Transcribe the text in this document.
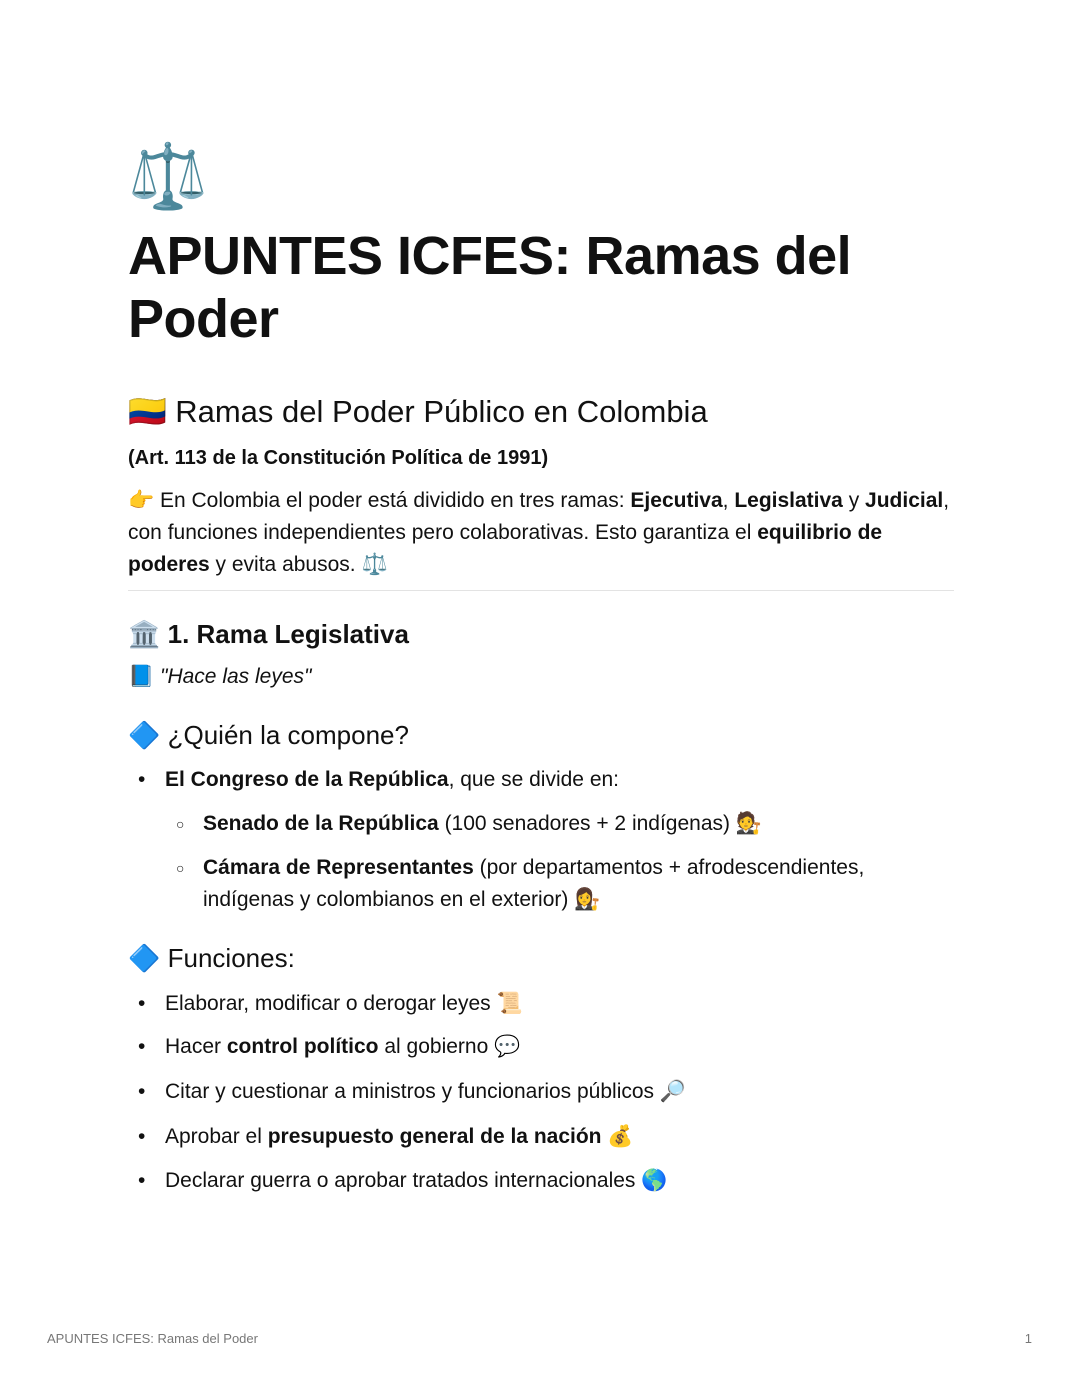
⚖️
APUNTES ICFES: Ramas del Poder
🇨🇴 Ramas del Poder Público en Colombia
(Art. 113 de la Constitución Política de 1991)
👉 En Colombia el poder está dividido en tres ramas: Ejecutiva, Legislativa y Judicial, con funciones independientes pero colaborativas. Esto garantiza el equilibrio de poderes y evita abusos. ⚖️
🏛️ 1. Rama Legislativa
📘 "Hace las leyes"
🔷 ¿Quién la compone?
• El Congreso de la República, que se divide en:
○ Senado de la República (100 senadores + 2 indígenas) 🧑‍⚖️
○ Cámara de Representantes (por departamentos + afrodescendientes, indígenas y colombianos en el exterior) 👩‍⚖️
🔷 Funciones:
• Elaborar, modificar o derogar leyes 📜
• Hacer control político al gobierno 💬
• Citar y cuestionar a ministros y funcionarios públicos 🔎
• Aprobar el presupuesto general de la nación 💰
• Declarar guerra o aprobar tratados internacionales 🌎
APUNTES ICFES: Ramas del Poder	1
